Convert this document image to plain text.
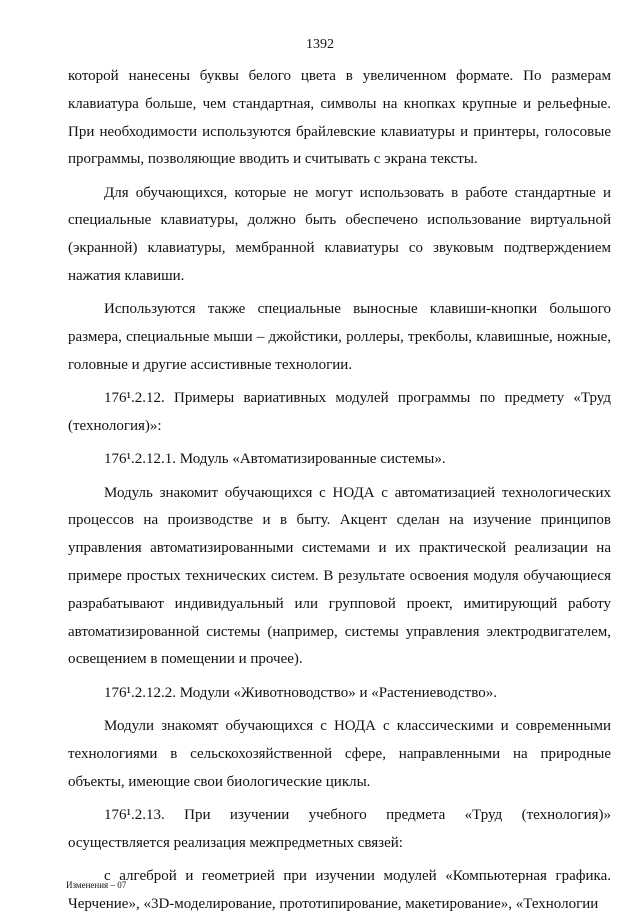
1392

которой нанесены буквы белого цвета в увеличенном формате. По размерам клавиатура больше, чем стандартная, символы на кнопках крупные и рельефные. При необходимости используются брайлевские клавиатуры и принтеры, голосовые программы, позволяющие вводить и считывать с экрана тексты.

Для обучающихся, которые не могут использовать в работе стандартные и специальные клавиатуры, должно быть обеспечено использование виртуальной (экранной) клавиатуры, мембранной клавиатуры со звуковым подтверждением нажатия клавиши.

Используются также специальные выносные клавиши-кнопки большого размера, специальные мыши – джойстики, роллеры, трекболы, клавишные, ножные, головные и другие ассистивные технологии.

176¹.2.12. Примеры вариативных модулей программы по предмету «Труд (технология)»:

176¹.2.12.1. Модуль «Автоматизированные системы».

Модуль знакомит обучающихся с НОДА с автоматизацией технологических процессов на производстве и в быту. Акцент сделан на изучение принципов управления автоматизированными системами и их практической реализации на примере простых технических систем. В результате освоения модуля обучающиеся разрабатывают индивидуальный или групповой проект, имитирующий работу автоматизированной системы (например, системы управления электродвигателем, освещением в помещении и прочее).

176¹.2.12.2. Модули «Животноводство» и «Растениеводство».

Модули знакомят обучающихся с НОДА с классическими и современными технологиями в сельскохозяйственной сфере, направленными на природные объекты, имеющие свои биологические циклы.

176¹.2.13. При изучении учебного предмета «Труд (технология)» осуществляется реализация межпредметных связей:

с алгеброй и геометрией при изучении модулей «Компьютерная графика. Черчение», «3D-моделирование, прототипирование, макетирование», «Технологии

Изменения – 07
